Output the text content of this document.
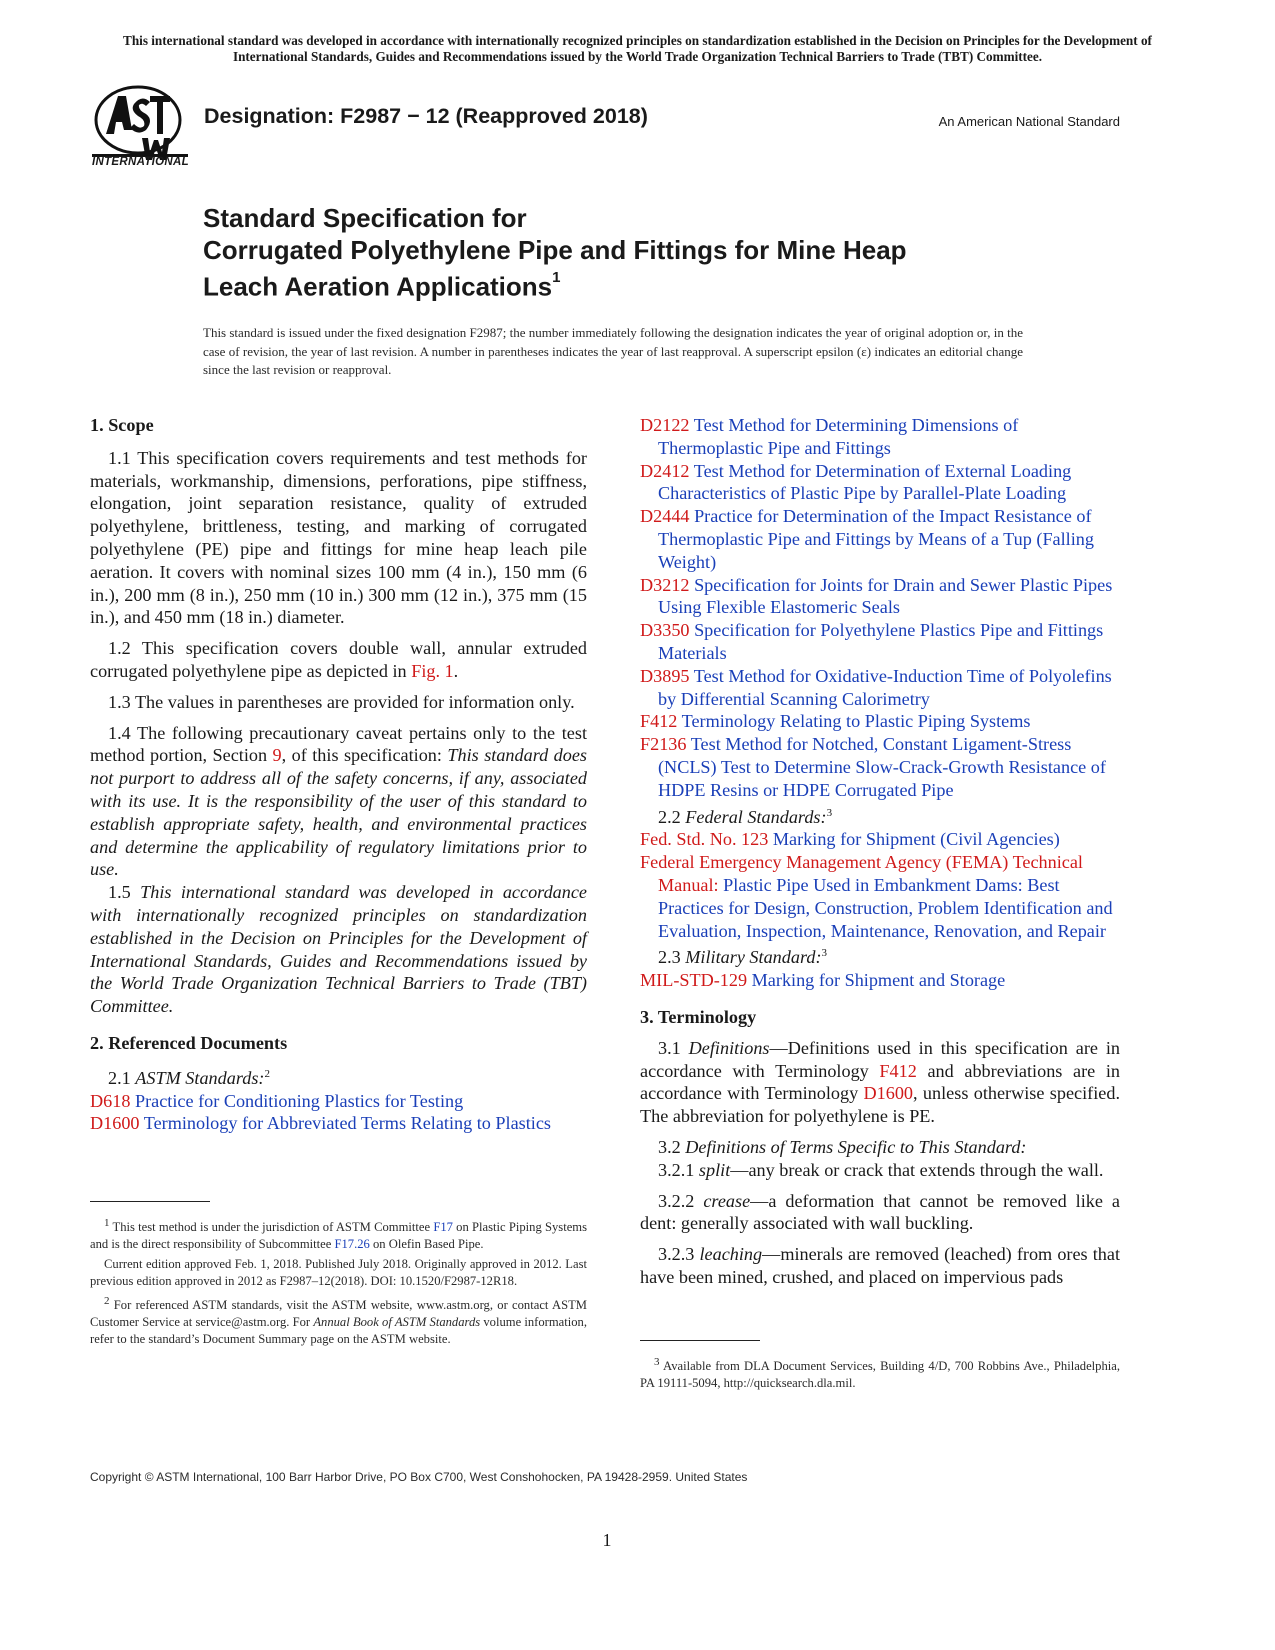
This international standard was developed in accordance with internationally recognized principles on standardization established in the Decision on Principles for the Development of International Standards, Guides and Recommendations issued by the World Trade Organization Technical Barriers to Trade (TBT) Committee.
INTERNATIONAL
Designation: F2987 − 12 (Reapproved 2018)	An American National Standard
Standard Specification for
Corrugated Polyethylene Pipe and Fittings for Mine Heap
Leach Aeration Applications$^1$
This standard is issued under the fixed designation F2987; the number immediately following the designation indicates the year of original adoption or, in the case of revision, the year of last revision. A number in parentheses indicates the year of last reapproval. A superscript epsilon (ε) indicates an editorial change since the last revision or reapproval.

1. Scope

1.1 This specification covers requirements and test methods for materials, workmanship, dimensions, perforations, pipe stiffness, elongation, joint separation resistance, quality of extruded polyethylene, brittleness, testing, and marking of corrugated polyethylene (PE) pipe and fittings for mine heap leach pile aeration. It covers with nominal sizes 100 mm (4 in.), 150 mm (6 in.), 200 mm (8 in.), 250 mm (10 in.) 300 mm (12 in.), 375 mm (15 in.), and 450 mm (18 in.) diameter.

1.2 This specification covers double wall, annular extruded corrugated polyethylene pipe as depicted in Fig. 1.

1.3 The values in parentheses are provided for information only.

1.4 The following precautionary caveat pertains only to the test method portion, Section 9, of this specification: This standard does not purport to address all of the safety concerns, if any, associated with its use. It is the responsibility of the user of this standard to establish appropriate safety, health, and environmental practices and determine the applicability of regulatory limitations prior to use.

1.5 This international standard was developed in accordance with internationally recognized principles on standardization established in the Decision on Principles for the Development of International Standards, Guides and Recommendations issued by the World Trade Organization Technical Barriers to Trade (TBT) Committee.

2. Referenced Documents

2.1 ASTM Standards:$^2$

D618 Practice for Conditioning Plastics for Testing

D1600 Terminology for Abbreviated Terms Relating to Plastics

$^1$ This test method is under the jurisdiction of ASTM Committee F17 on Plastic Piping Systems and is the direct responsibility of Subcommittee F17.26 on Olefin Based Pipe.

Current edition approved Feb. 1, 2018. Published July 2018. Originally approved in 2012. Last previous edition approved in 2012 as F2987–12(2018). DOI: 10.1520/F2987-12R18.

$^2$ For referenced ASTM standards, visit the ASTM website, www.astm.org, or contact ASTM Customer Service at service@astm.org. For Annual Book of ASTM Standards volume information, refer to the standard’s Document Summary page on the ASTM website.

D2122 Test Method for Determining Dimensions of Thermoplastic Pipe and Fittings

D2412 Test Method for Determination of External Loading Characteristics of Plastic Pipe by Parallel-Plate Loading

D2444 Practice for Determination of the Impact Resistance of Thermoplastic Pipe and Fittings by Means of a Tup (Falling Weight)

D3212 Specification for Joints for Drain and Sewer Plastic Pipes Using Flexible Elastomeric Seals

D3350 Specification for Polyethylene Plastics Pipe and Fittings Materials

D3895 Test Method for Oxidative-Induction Time of Polyolefins by Differential Scanning Calorimetry

F412 Terminology Relating to Plastic Piping Systems

F2136 Test Method for Notched, Constant Ligament-Stress (NCLS) Test to Determine Slow-Crack-Growth Resistance of HDPE Resins or HDPE Corrugated Pipe

2.2 Federal Standards:$^3$

Fed. Std. No. 123 Marking for Shipment (Civil Agencies)

Federal Emergency Management Agency (FEMA) Technical Manual: Plastic Pipe Used in Embankment Dams: Best Practices for Design, Construction, Problem Identification and Evaluation, Inspection, Maintenance, Renovation, and Repair

2.3 Military Standard:$^3$

MIL-STD-129 Marking for Shipment and Storage

3. Terminology

3.1 Definitions—Definitions used in this specification are in accordance with Terminology F412 and abbreviations are in accordance with Terminology D1600, unless otherwise specified. The abbreviation for polyethylene is PE.

3.2 Definitions of Terms Specific to This Standard:

3.2.1 split—any break or crack that extends through the wall.

3.2.2 crease—a deformation that cannot be removed like a dent: generally associated with wall buckling.

3.2.3 leaching—minerals are removed (leached) from ores that have been mined, crushed, and placed on impervious pads

$^3$ Available from DLA Document Services, Building 4/D, 700 Robbins Ave., Philadelphia, PA 19111-5094, http://quicksearch.dla.mil.

Copyright © ASTM International, 100 Barr Harbor Drive, PO Box C700, West Conshohocken, PA 19428-2959. United States
1
